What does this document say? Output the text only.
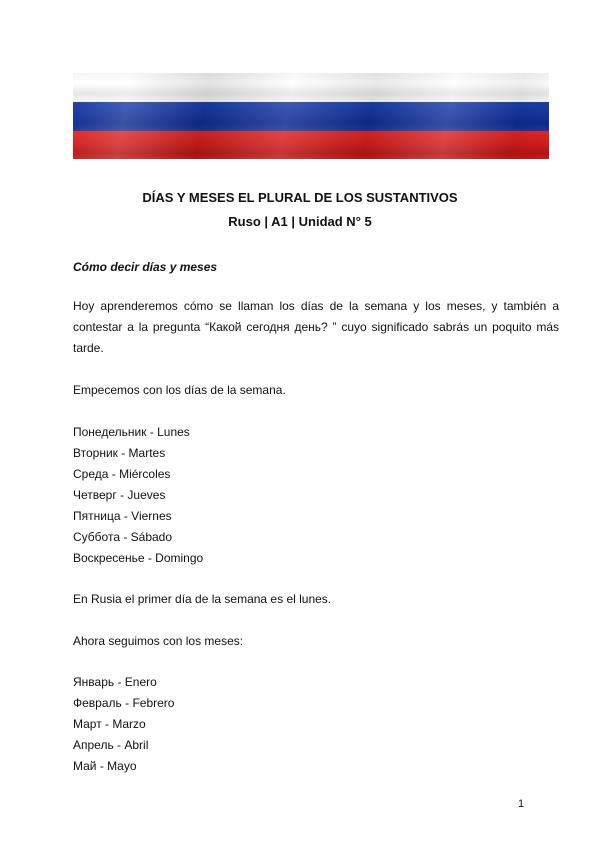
DÍAS Y MESES EL PLURAL DE LOS SUSTANTIVOS
Ruso | A1 | Unidad N° 5
Cómo decir días y meses
Hoy aprenderemos cómo se llaman los días de la semana y los meses, y también a contestar a la pregunta “Какой сегодня день? ” cuyo significado sabrás un poquito más tarde.
Empecemos con los días de la semana.
Понедельник - Lunes
Вторник - Martes
Среда - Miércoles
Четверг - Jueves
Пятница - Viernes
Суббота - Sábado
Воскресенье - Domingo
En Rusia el primer día de la semana es el lunes.
Ahora seguimos con los meses:
Январь - Enero
Февраль - Febrero
Март - Marzo
Апрель - Abril
Май - Mayo
1
